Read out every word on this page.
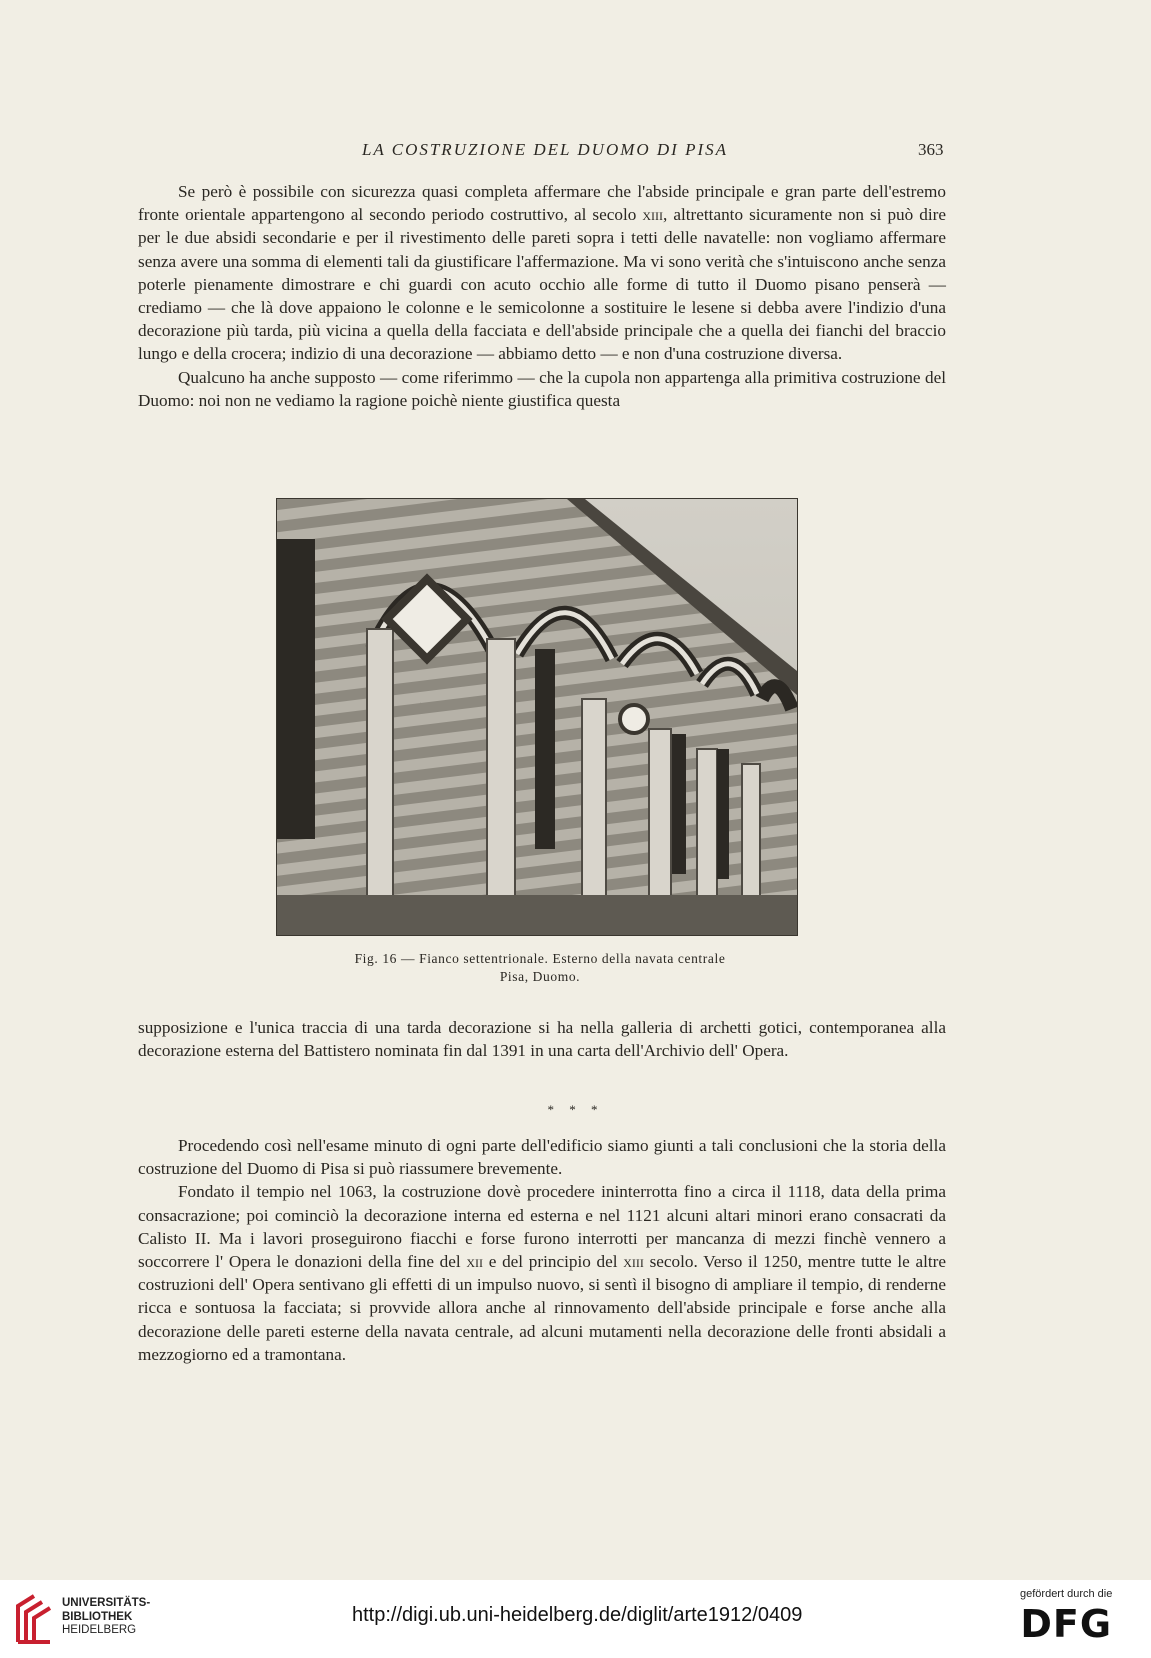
LA COSTRUZIONE DEL DUOMO DI PISA	363

Se però è possibile con sicurezza quasi completa affermare che l'abside principale e gran parte dell'estremo fronte orientale appartengono al secondo periodo costruttivo, al secolo xiii, altrettanto sicuramente non si può dire per le due absidi secondarie e per il rivestimento delle pareti sopra i tetti delle navatelle: non vogliamo affermare senza avere una somma di elementi tali da giustificare l'affermazione. Ma vi sono verità che s'intuiscono anche senza poterle pienamente dimostrare e chi guardi con acuto occhio alle forme di tutto il Duomo pisano penserà — crediamo — che là dove appaiono le colonne e le semicolonne a sostituire le lesene si debba avere l'indizio d'una decorazione più tarda, più vicina a quella della facciata e dell'abside principale che a quella dei fianchi del braccio lungo e della crocera; indizio di una decorazione — abbiamo detto — e non d'una costruzione diversa.

Qualcuno ha anche supposto — come riferimmo — che la cupola non appartenga alla primitiva costruzione del Duomo: noi non ne vediamo la ragione poichè niente giustifica questa

Fig. 16 — Fianco settentrionale. Esterno della navata centrale
Pisa, Duomo.

supposizione e l'unica traccia di una tarda decorazione si ha nella galleria di archetti gotici, contemporanea alla decorazione esterna del Battistero nominata fin dal 1391 in una carta dell'Archivio dell' Opera.

* * *

Procedendo così nell'esame minuto di ogni parte dell'edificio siamo giunti a tali conclusioni che la storia della costruzione del Duomo di Pisa si può riassumere brevemente.

Fondato il tempio nel 1063, la costruzione dovè procedere ininterrotta fino a circa il 1118, data della prima consacrazione; poi cominciò la decorazione interna ed esterna e nel 1121 alcuni altari minori erano consacrati da Calisto II. Ma i lavori proseguirono fiacchi e forse furono interrotti per mancanza di mezzi finchè vennero a soccorrere l' Opera le donazioni della fine del xii e del principio del xiii secolo. Verso il 1250, mentre tutte le altre costruzioni dell' Opera sentivano gli effetti di un impulso nuovo, si sentì il bisogno di ampliare il tempio, di renderne ricca e sontuosa la facciata; si provvide allora anche al rinnovamento dell'abside principale e forse anche alla decorazione delle pareti esterne della navata centrale, ad alcuni mutamenti nella decorazione delle fronti absidali a mezzogiorno ed a tramontana.

UNIVERSITÄTS-
BIBLIOTHEK
HEIDELBERG
http://digi.ub.uni-heidelberg.de/diglit/arte1912/0409
gefördert durch die
DFG
